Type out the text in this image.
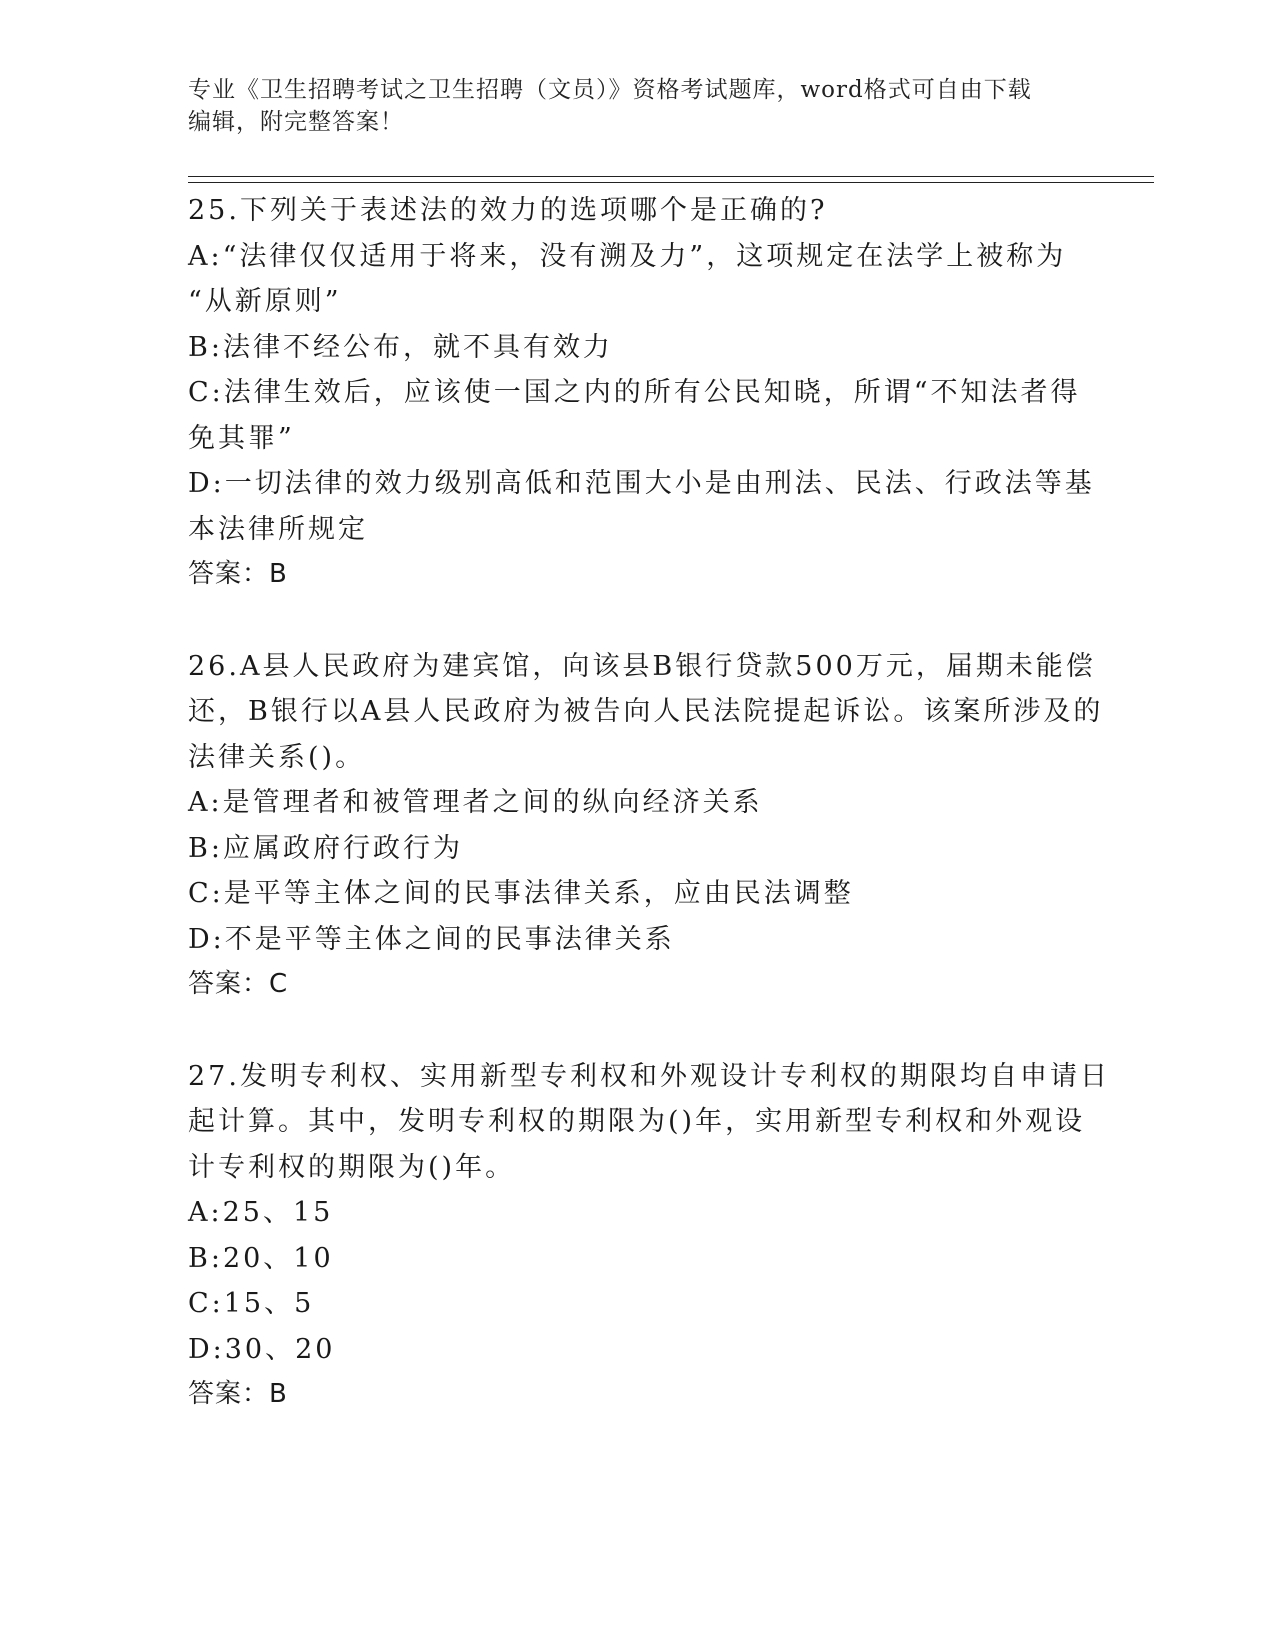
专业《卫生招聘考试之卫生招聘（文员）》资格考试题库，word格式可自由下载
编辑，附完整答案！
25.下列关于表述法的效力的选项哪个是正确的?
A:“法律仅仅适用于将来，没有溯及力”，这项规定在法学上被称为
“从新原则”
B:法律不经公布，就不具有效力
C:法律生效后，应该使一国之内的所有公民知晓，所谓“不知法者得
免其罪”
D:一切法律的效力级别高低和范围大小是由刑法、民法、行政法等基
本法律所规定
答案：B
26.A县人民政府为建宾馆，向该县B银行贷款500万元，届期未能偿
还，B银行以A县人民政府为被告向人民法院提起诉讼。该案所涉及的
法律关系()。
A:是管理者和被管理者之间的纵向经济关系
B:应属政府行政行为
C:是平等主体之间的民事法律关系，应由民法调整
D:不是平等主体之间的民事法律关系
答案：C
27.发明专利权、实用新型专利权和外观设计专利权的期限均自申请日
起计算。其中，发明专利权的期限为()年，实用新型专利权和外观设
计专利权的期限为()年。
A:25、15
B:20、10
C:15、5
D:30、20
答案：B
